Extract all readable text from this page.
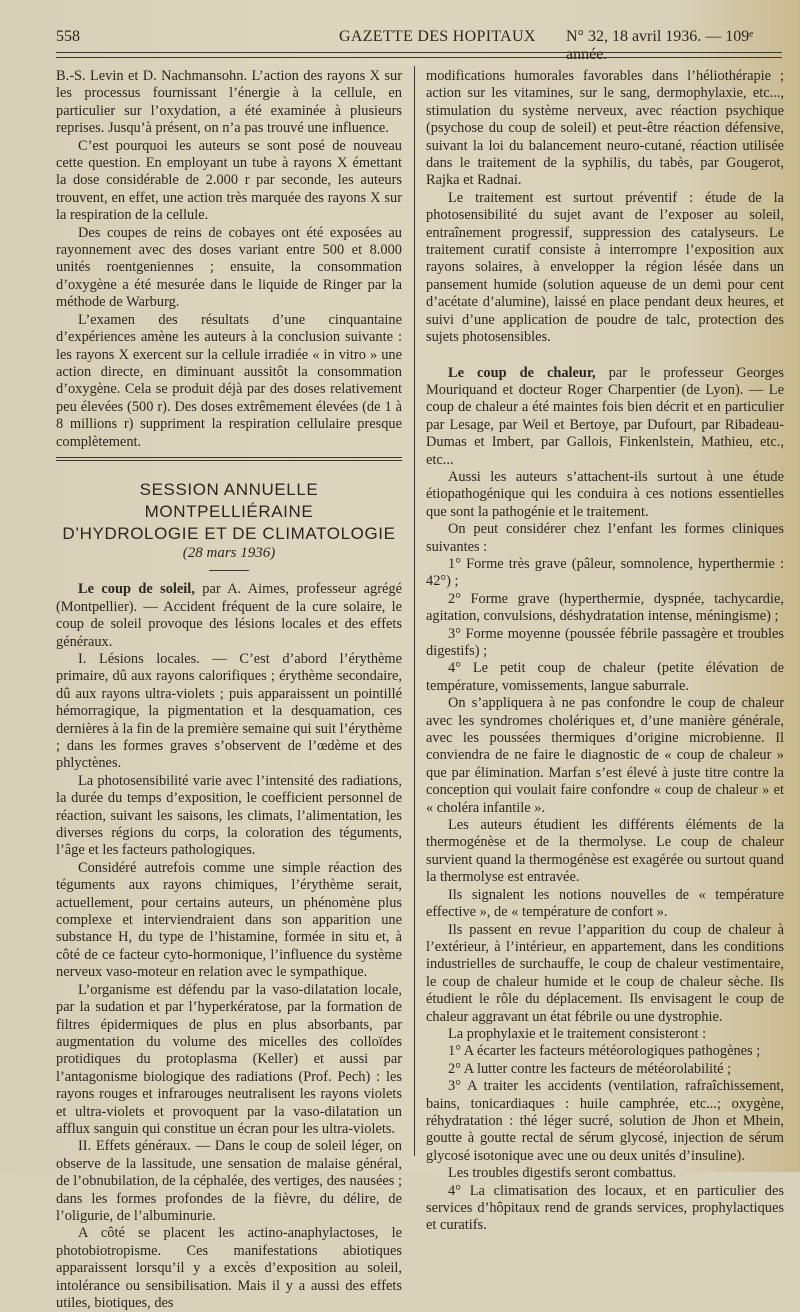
558	GAZETTE DES HOPITAUX N° 32, 18 avril 1936. — 109ᵉ année.

B.-S. Levin et D. Nachmansohn. L’action des rayons X sur les processus fournissant l’énergie à la cellule, en particulier sur l’oxydation, a été examinée à plusieurs reprises. Jusqu’à présent, on n’a pas trouvé une influence.

C’est pourquoi les auteurs se sont posé de nouveau cette question. En employant un tube à rayons X émettant la dose considérable de 2.000 r par seconde, les auteurs trouvent, en effet, une action très marquée des rayons X sur la respiration de la cellule.

Des coupes de reins de cobayes ont été exposées au rayonnement avec des doses variant entre 500 et 8.000 unités roentgeniennes ; ensuite, la consommation d’oxygène a été mesurée dans le liquide de Ringer par la méthode de Warburg.

L’examen des résultats d’une cinquantaine d’expériences amène les auteurs à la conclusion suivante : les rayons X exercent sur la cellule irradiée « in vitro » une action directe, en diminuant aussitôt la consommation d’oxygène. Cela se produit déjà par des doses relativement peu élevées (500 r). Des doses extrêmement élevées (de 1 à 8 millions r) suppriment la respiration cellulaire presque complètement.

SESSION ANNUELLE MONTPELLIÉRAINE

D’HYDROLOGIE ET DE CLIMATOLOGIE

(28 mars 1936)

Le coup de soleil, par A. Aimes, professeur agrégé (Montpellier). — Accident fréquent de la cure solaire, le coup de soleil provoque des lésions locales et des effets généraux.

I. Lésions locales. — C’est d’abord l’érythème primaire, dû aux rayons calorifiques ; érythème secondaire, dû aux rayons ultra-violets ; puis apparaissent un pointillé hémorragique, la pigmentation et la desquamation, ces dernières à la fin de la première semaine qui suit l’érythème ; dans les formes graves s’observent de l’œdème et des phlyctènes.

La photosensibilité varie avec l’intensité des radiations, la durée du temps d’exposition, le coefficient personnel de réaction, suivant les saisons, les climats, l’alimentation, les diverses régions du corps, la coloration des téguments, l’âge et les facteurs pathologiques.

Considéré autrefois comme une simple réaction des téguments aux rayons chimiques, l’érythème serait, actuellement, pour certains auteurs, un phénomène plus complexe et interviendraient dans son apparition une substance H, du type de l’histamine, formée in situ et, à côté de ce facteur cyto-hormonique, l’influence du système nerveux vaso-moteur en relation avec le sympathique.

L’organisme est défendu par la vaso-dilatation locale, par la sudation et par l’hyperkératose, par la formation de filtres épidermiques de plus en plus absorbants, par augmentation du volume des micelles des colloïdes protidiques du protoplasma (Keller) et aussi par l’antagonisme biologique des radiations (Prof. Pech) : les rayons rouges et infrarouges neutralisent les rayons violets et ultra-violets et provoquent par la vaso-dilatation un afflux sanguin qui constitue un écran pour les ultra-violets.

II. Effets généraux. — Dans le coup de soleil léger, on observe de la lassitude, une sensation de malaise général, de l’obnubilation, de la céphalée, des vertiges, des nausées ; dans les formes profondes de la fièvre, du délire, de l’oligurie, de l’albuminurie.

A côté se placent les actino-anaphylactoses, le photobiotropisme. Ces manifestations abiotiques apparaissent lorsqu’il y a excès d’exposition au soleil, intolérance ou sensibilisation. Mais il y a aussi des effets utiles, biotiques, des

modifications humorales favorables dans l’héliothérapie ; action sur les vitamines, sur le sang, dermophylaxie, etc..., stimulation du système nerveux, avec réaction psychique (psychose du coup de soleil) et peut-être réaction défensive, suivant la loi du balancement neuro-cutané, réaction utilisée dans le traitement de la syphilis, du tabès, par Gougerot, Rajka et Radnai.

Le traitement est surtout préventif : étude de la photosensibilité du sujet avant de l’exposer au soleil, entraînement progressif, suppression des catalyseurs. Le traitement curatif consiste à interrompre l’exposition aux rayons solaires, à envelopper la région lésée dans un pansement humide (solution aqueuse de un demi pour cent d’acétate d’alumine), laissé en place pendant deux heures, et suivi d’une application de poudre de talc, protection des sujets photosensibles.

Le coup de chaleur, par le professeur Georges Mouriquand et docteur Roger Charpentier (de Lyon). — Le coup de chaleur a été maintes fois bien décrit et en particulier par Lesage, par Weil et Bertoye, par Dufourt, par Ribadeau-Dumas et Imbert, par Gallois, Finkenlstein, Mathieu, etc., etc...

Aussi les auteurs s’attachent-ils surtout à une étude étiopathogénique qui les conduira à ces notions essentielles que sont la pathogénie et le traitement.

On peut considérer chez l’enfant les formes cliniques suivantes :

1° Forme très grave (pâleur, somnolence, hyperthermie : 42°) ;

2° Forme grave (hyperthermie, dyspnée, tachycardie, agitation, convulsions, déshydratation intense, méningisme) ;

3° Forme moyenne (poussée fébrile passagère et troubles digestifs) ;

4° Le petit coup de chaleur (petite élévation de température, vomissements, langue saburrale.

On s’appliquera à ne pas confondre le coup de chaleur avec les syndromes cholériques et, d’une manière générale, avec les poussées thermiques d’origine microbienne. Il conviendra de ne faire le diagnostic de « coup de chaleur » que par élimination. Marfan s’est élevé à juste titre contre la conception qui voulait faire confondre « coup de chaleur » et « choléra infantile ».

Les auteurs étudient les différents éléments de la thermogénèse et de la thermolyse. Le coup de chaleur survient quand la thermogénèse est exagérée ou surtout quand la thermolyse est entravée.

Ils signalent les notions nouvelles de « température effective », de « température de confort ».

Ils passent en revue l’apparition du coup de chaleur à l’extérieur, à l’intérieur, en appartement, dans les conditions industrielles de surchauffe, le coup de chaleur vestimentaire, le coup de chaleur humide et le coup de chaleur sèche. Ils étudient le rôle du déplacement. Ils envisagent le coup de chaleur aggravant un état fébrile ou une dystrophie.

La prophylaxie et le traitement consisteront :

1° A écarter les facteurs météorologiques pathogènes ;

2° A lutter contre les facteurs de météorolabilité ;

3° A traiter les accidents (ventilation, rafraîchissement, bains, tonicardiaques : huile camphrée, etc...; oxygène, réhydratation : thé léger sucré, solution de Jhon et Mhein, goutte à goutte rectal de sérum glycosé, injection de sérum glycosé isotonique avec une ou deux unités d’insuline).

Les troubles digestifs seront combattus.

4° La climatisation des locaux, et en particulier des services d’hôpitaux rend de grands services, prophylactiques et curatifs.
